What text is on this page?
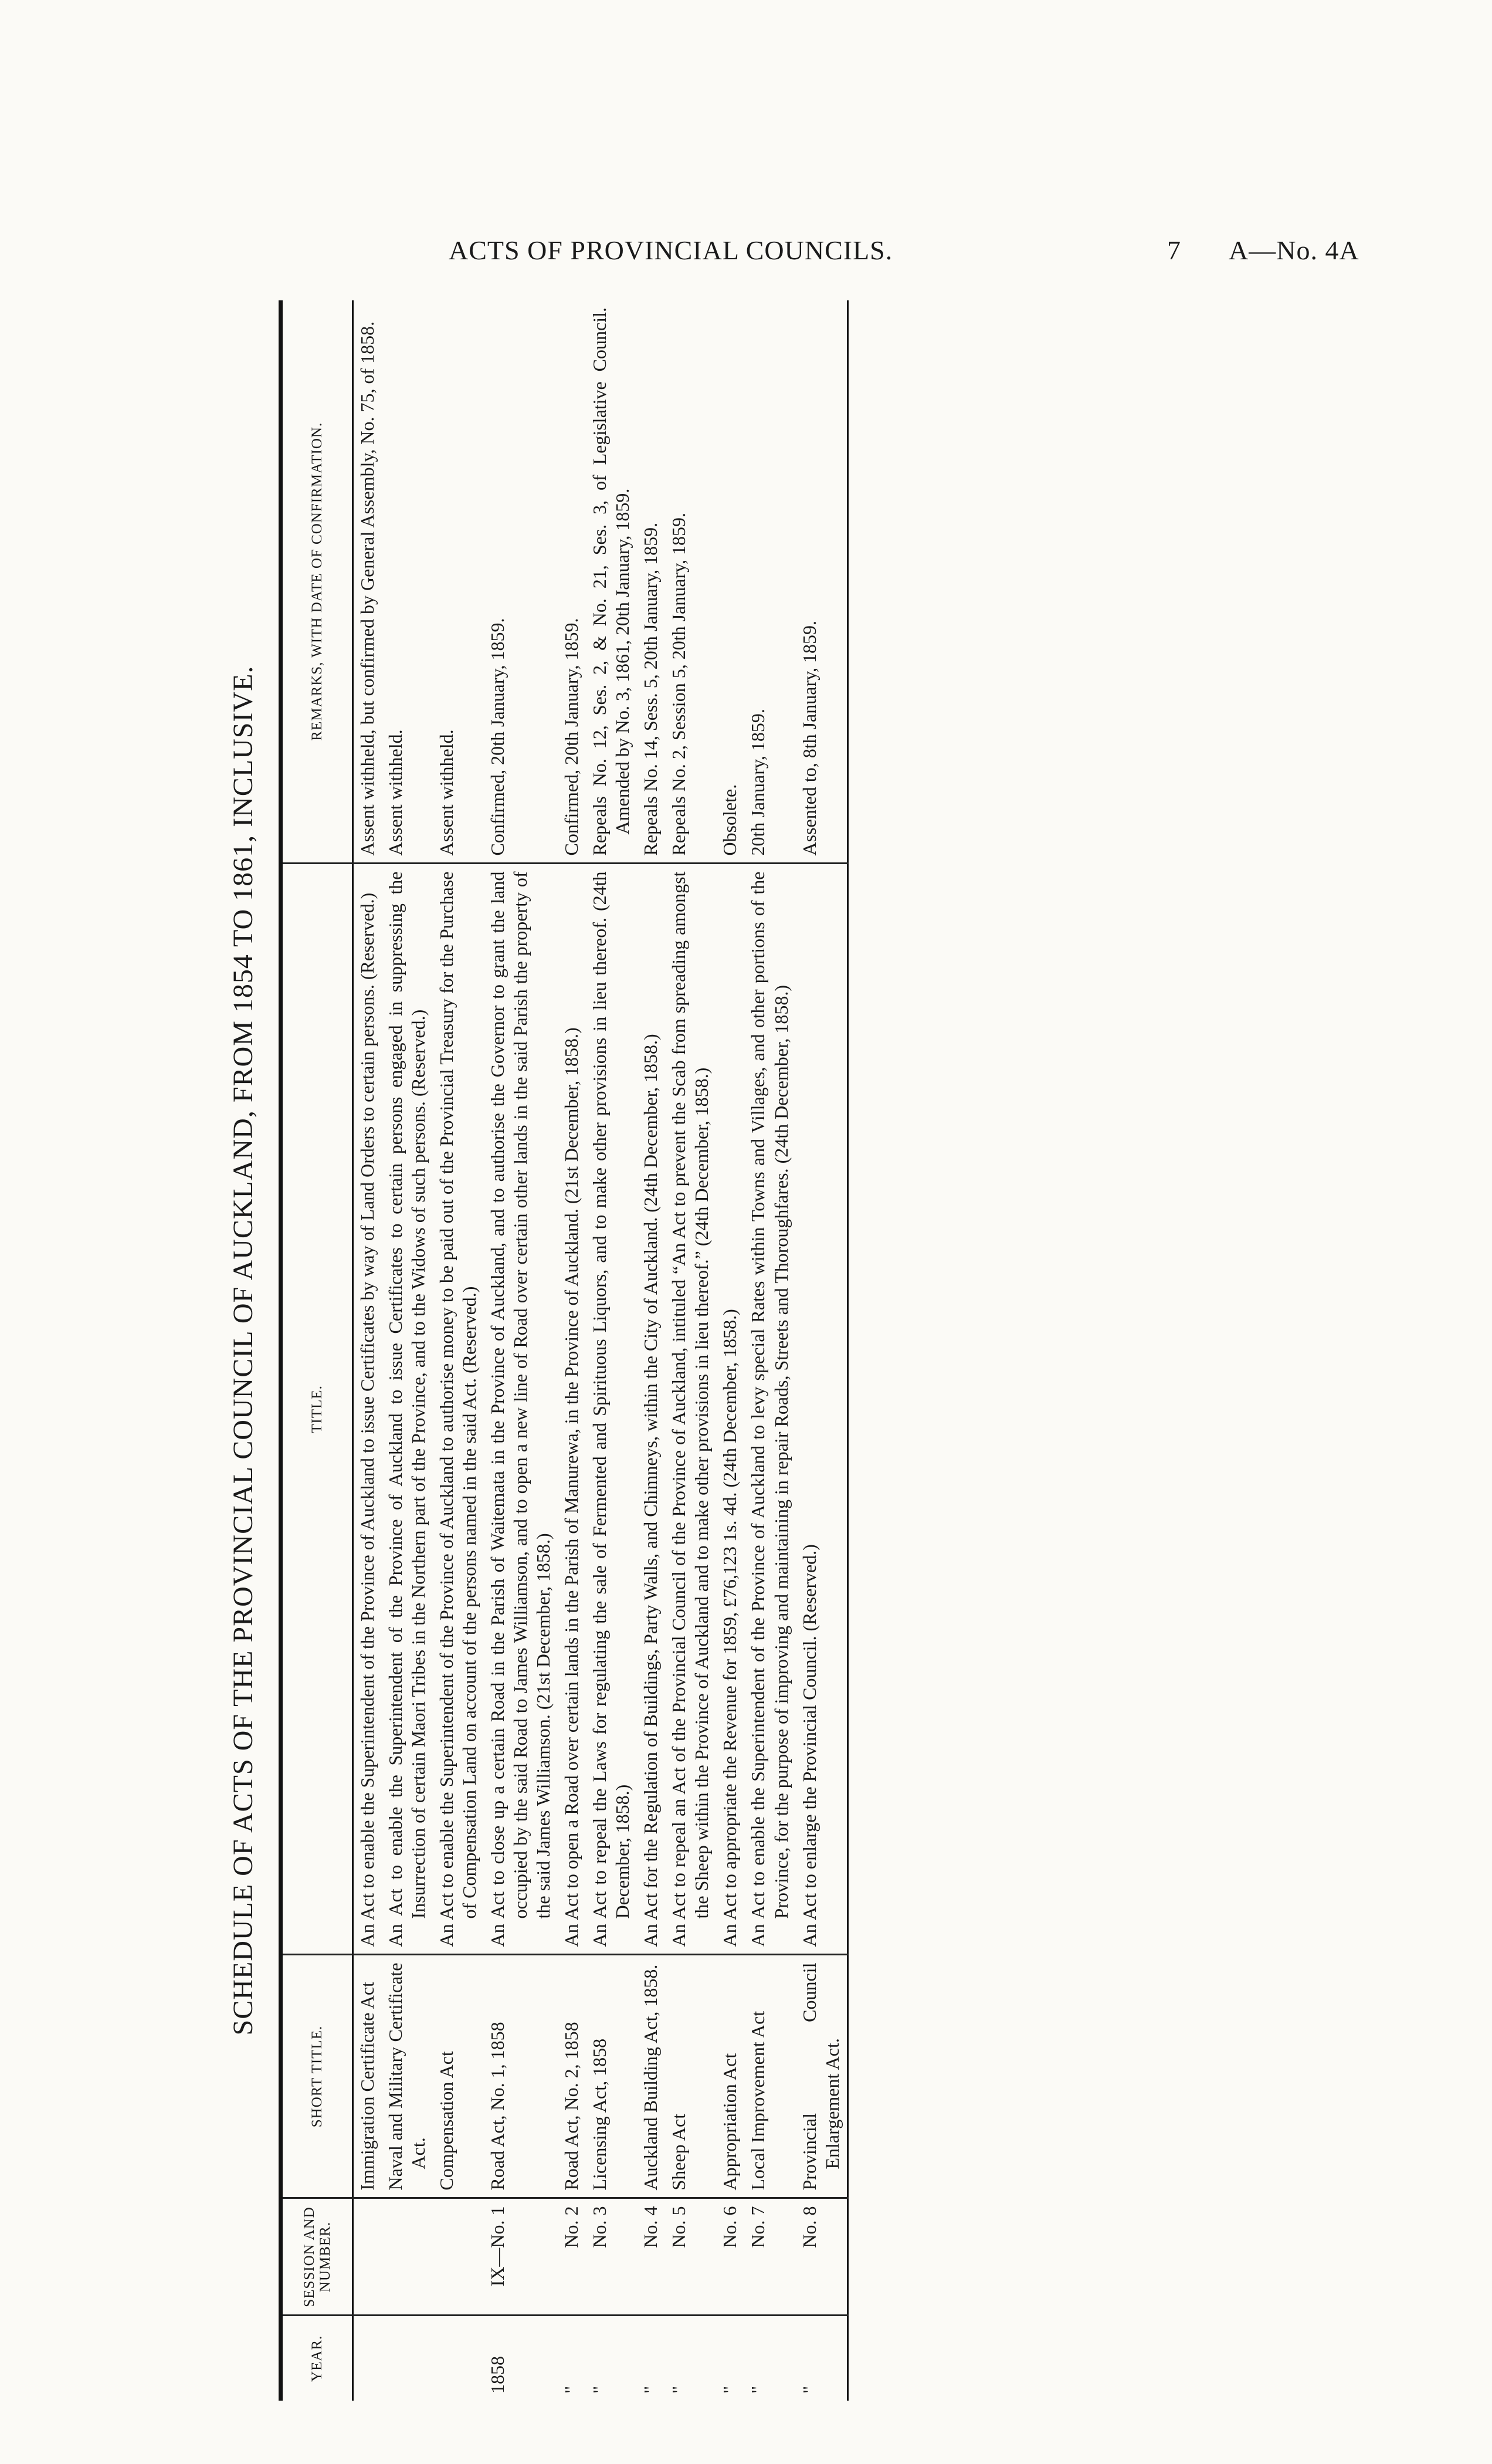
ACTS OF PROVINCIAL COUNCILS.	7 A—No. 4A
SCHEDULE OF ACTS OF THE PROVINCIAL COUNCIL OF AUCKLAND, FROM 1854 TO 1861, INCLUSIVE.
YEAR.	SESSION AND NUMBER.	SHORT TITLE.	TITLE.	REMARKS, WITH DATE OF CONFIRMATION.

		Immigration Certificate Act	An Act to enable the Superintendent of the Province of Auckland to issue Certificates by way of Land Orders to certain persons. (Reserved.)	Assent withheld, but confirmed by General Assembly, No. 75, of 1858.

		Naval and Military Certificate Act.	An Act to enable the Superintendent of the Province of Auckland to issue Certificates to certain persons engaged in suppressing the Insurrection of certain Maori Tribes in the Northern part of the Province, and to the Widows of such persons. (Reserved.)	Assent withheld.

		Compensation Act	An Act to enable the Superintendent of the Province of Auckland to authorise money to be paid out of the Provincial Treasury for the Purchase of Compensation Land on account of the persons named in the said Act. (Reserved.)	Assent withheld.

1858	IX—No. 1	Road Act, No. 1, 1858	An Act to close up a certain Road in the Parish of Waitemata in the Province of Auckland, and to authorise the Governor to grant the land occupied by the said Road to James Williamson, and to open a new line of Road over certain other lands in the said Parish the property of the said James Williamson. (21st December, 1858.)	Confirmed, 20th January, 1859.

"	No. 2	Road Act, No. 2, 1858	An Act to open a Road over certain lands in the Parish of Manurewa, in the Province of Auckland. (21st December, 1858.)	Confirmed, 20th January, 1859.

"	No. 3	Licensing Act, 1858	An Act to repeal the Laws for regulating the sale of Fermented and Spirituous Liquors, and to make other provisions in lieu thereof. (24th December, 1858.)	Repeals No. 12, Ses. 2, & No. 21, Ses. 3, of Legislative Council. Amended by No. 3, 1861, 20th January, 1859.

"	No. 4	Auckland Building Act, 1858.	An Act for the Regulation of Buildings, Party Walls, and Chimneys, within the City of Auckland. (24th December, 1858.)	Repeals No. 14, Sess. 5, 20th January, 1859.

"	No. 5	Sheep Act	An Act to repeal an Act of the Provincial Council of the Province of Auckland, intituled “An Act to prevent the Scab from spreading amongst the Sheep within the Province of Auckland and to make other provisions in lieu thereof.” (24th December, 1858.)	Repeals No. 2, Session 5, 20th January, 1859.

"	No. 6	Appropriation Act	An Act to appropriate the Revenue for 1859, £76,123 1s. 4d. (24th December, 1858.)	Obsolete.

"	No. 7	Local Improvement Act	An Act to enable the Superintendent of the Province of Auckland to levy special Rates within Towns and Villages, and other portions of the Province, for the purpose of improving and maintaining in repair Roads, Streets and Thoroughfares. (24th December, 1858.)	20th January, 1859.

"	No. 8	Provincial Council Enlargement Act.	An Act to enlarge the Provincial Council. (Reserved.)	Assented to, 8th January, 1859.
